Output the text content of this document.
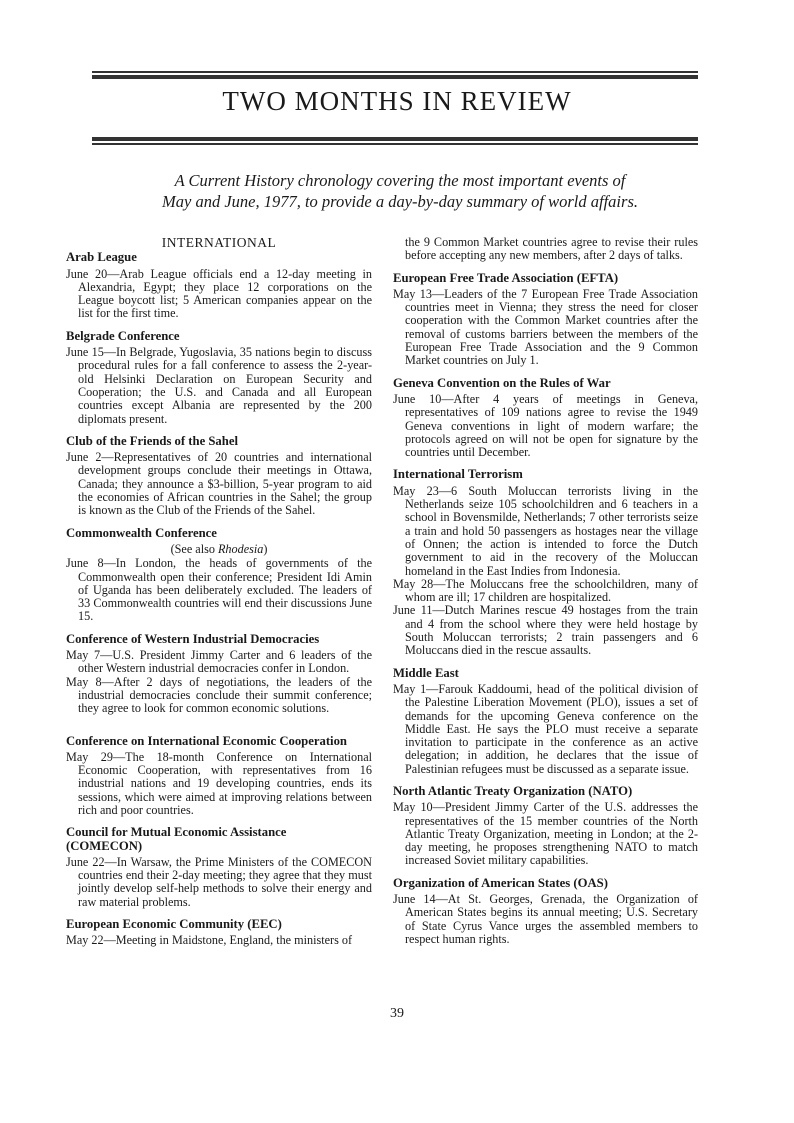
TWO MONTHS IN REVIEW
A Current History chronology covering the most important events of
May and June, 1977, to provide a day-by-day summary of world affairs.
INTERNATIONAL
Arab League

June 20—Arab League officials end a 12-day meeting in Alexandria, Egypt; they place 12 corporations on the League boycott list; 5 American companies appear on the list for the first time.

Belgrade Conference

June 15—In Belgrade, Yugoslavia, 35 nations begin to discuss procedural rules for a fall conference to assess the 2-year-old Helsinki Declaration on European Security and Cooperation; the U.S. and Canada and all European countries except Albania are represented by the 200 diplomats present.

Club of the Friends of the Sahel

June 2—Representatives of 20 countries and international development groups conclude their meetings in Ottawa, Canada; they announce a $3-billion, 5-year program to aid the economies of African countries in the Sahel; the group is known as the Club of the Friends of the Sahel.

Commonwealth Conference
(See also Rhodesia)

June 8—In London, the heads of governments of the Commonwealth open their conference; President Idi Amin of Uganda has been deliberately excluded. The leaders of 33 Commonwealth countries will end their discussions June 15.

Conference of Western Industrial Democracies

May 7—U.S. President Jimmy Carter and 6 leaders of the other Western industrial democracies confer in London.

May 8—After 2 days of negotiations, the leaders of the industrial democracies conclude their summit conference; they agree to look for common economic solutions.

Conference on International Economic Cooperation

May 29—The 18-month Conference on International Economic Cooperation, with representatives from 16 industrial nations and 19 developing countries, ends its sessions, which were aimed at improving relations between rich and poor countries.

Council for Mutual Economic Assistance
(COMECON)

June 22—In Warsaw, the Prime Ministers of the COMECON countries end their 2-day meeting; they agree that they must jointly develop self-help methods to solve their energy and raw material problems.

European Economic Community (EEC)

May 22—Meeting in Maidstone, England, the ministers of

the 9 Common Market countries agree to revise their rules before accepting any new members, after 2 days of talks.

European Free Trade Association (EFTA)

May 13—Leaders of the 7 European Free Trade Association countries meet in Vienna; they stress the need for closer cooperation with the Common Market countries after the removal of customs barriers between the members of the European Free Trade Association and the 9 Common Market countries on July 1.

Geneva Convention on the Rules of War

June 10—After 4 years of meetings in Geneva, representatives of 109 nations agree to revise the 1949 Geneva conventions in light of modern warfare; the protocols agreed on will not be open for signature by the countries until December.

International Terrorism

May 23—6 South Moluccan terrorists living in the Netherlands seize 105 schoolchildren and 6 teachers in a school in Bovensmilde, Netherlands; 7 other terrorists seize a train and hold 50 passengers as hostages near the village of Onnen; the action is intended to force the Dutch government to aid in the recovery of the Moluccan homeland in the East Indies from Indonesia.

May 28—The Moluccans free the schoolchildren, many of whom are ill; 17 children are hospitalized.

June 11—Dutch Marines rescue 49 hostages from the train and 4 from the school where they were held hostage by South Moluccan terrorists; 2 train passengers and 6 Moluccans died in the rescue assaults.

Middle East

May 1—Farouk Kaddoumi, head of the political division of the Palestine Liberation Movement (PLO), issues a set of demands for the upcoming Geneva conference on the Middle East. He says the PLO must receive a separate invitation to participate in the conference as an active delegation; in addition, he declares that the issue of Palestinian refugees must be discussed as a separate issue.

North Atlantic Treaty Organization (NATO)

May 10—President Jimmy Carter of the U.S. addresses the representatives of the 15 member countries of the North Atlantic Treaty Organization, meeting in London; at the 2-day meeting, he proposes strengthening NATO to match increased Soviet military capabilities.

Organization of American States (OAS)

June 14—At St. Georges, Grenada, the Organization of American States begins its annual meeting; U.S. Secretary of State Cyrus Vance urges the assembled members to respect human rights.

39
